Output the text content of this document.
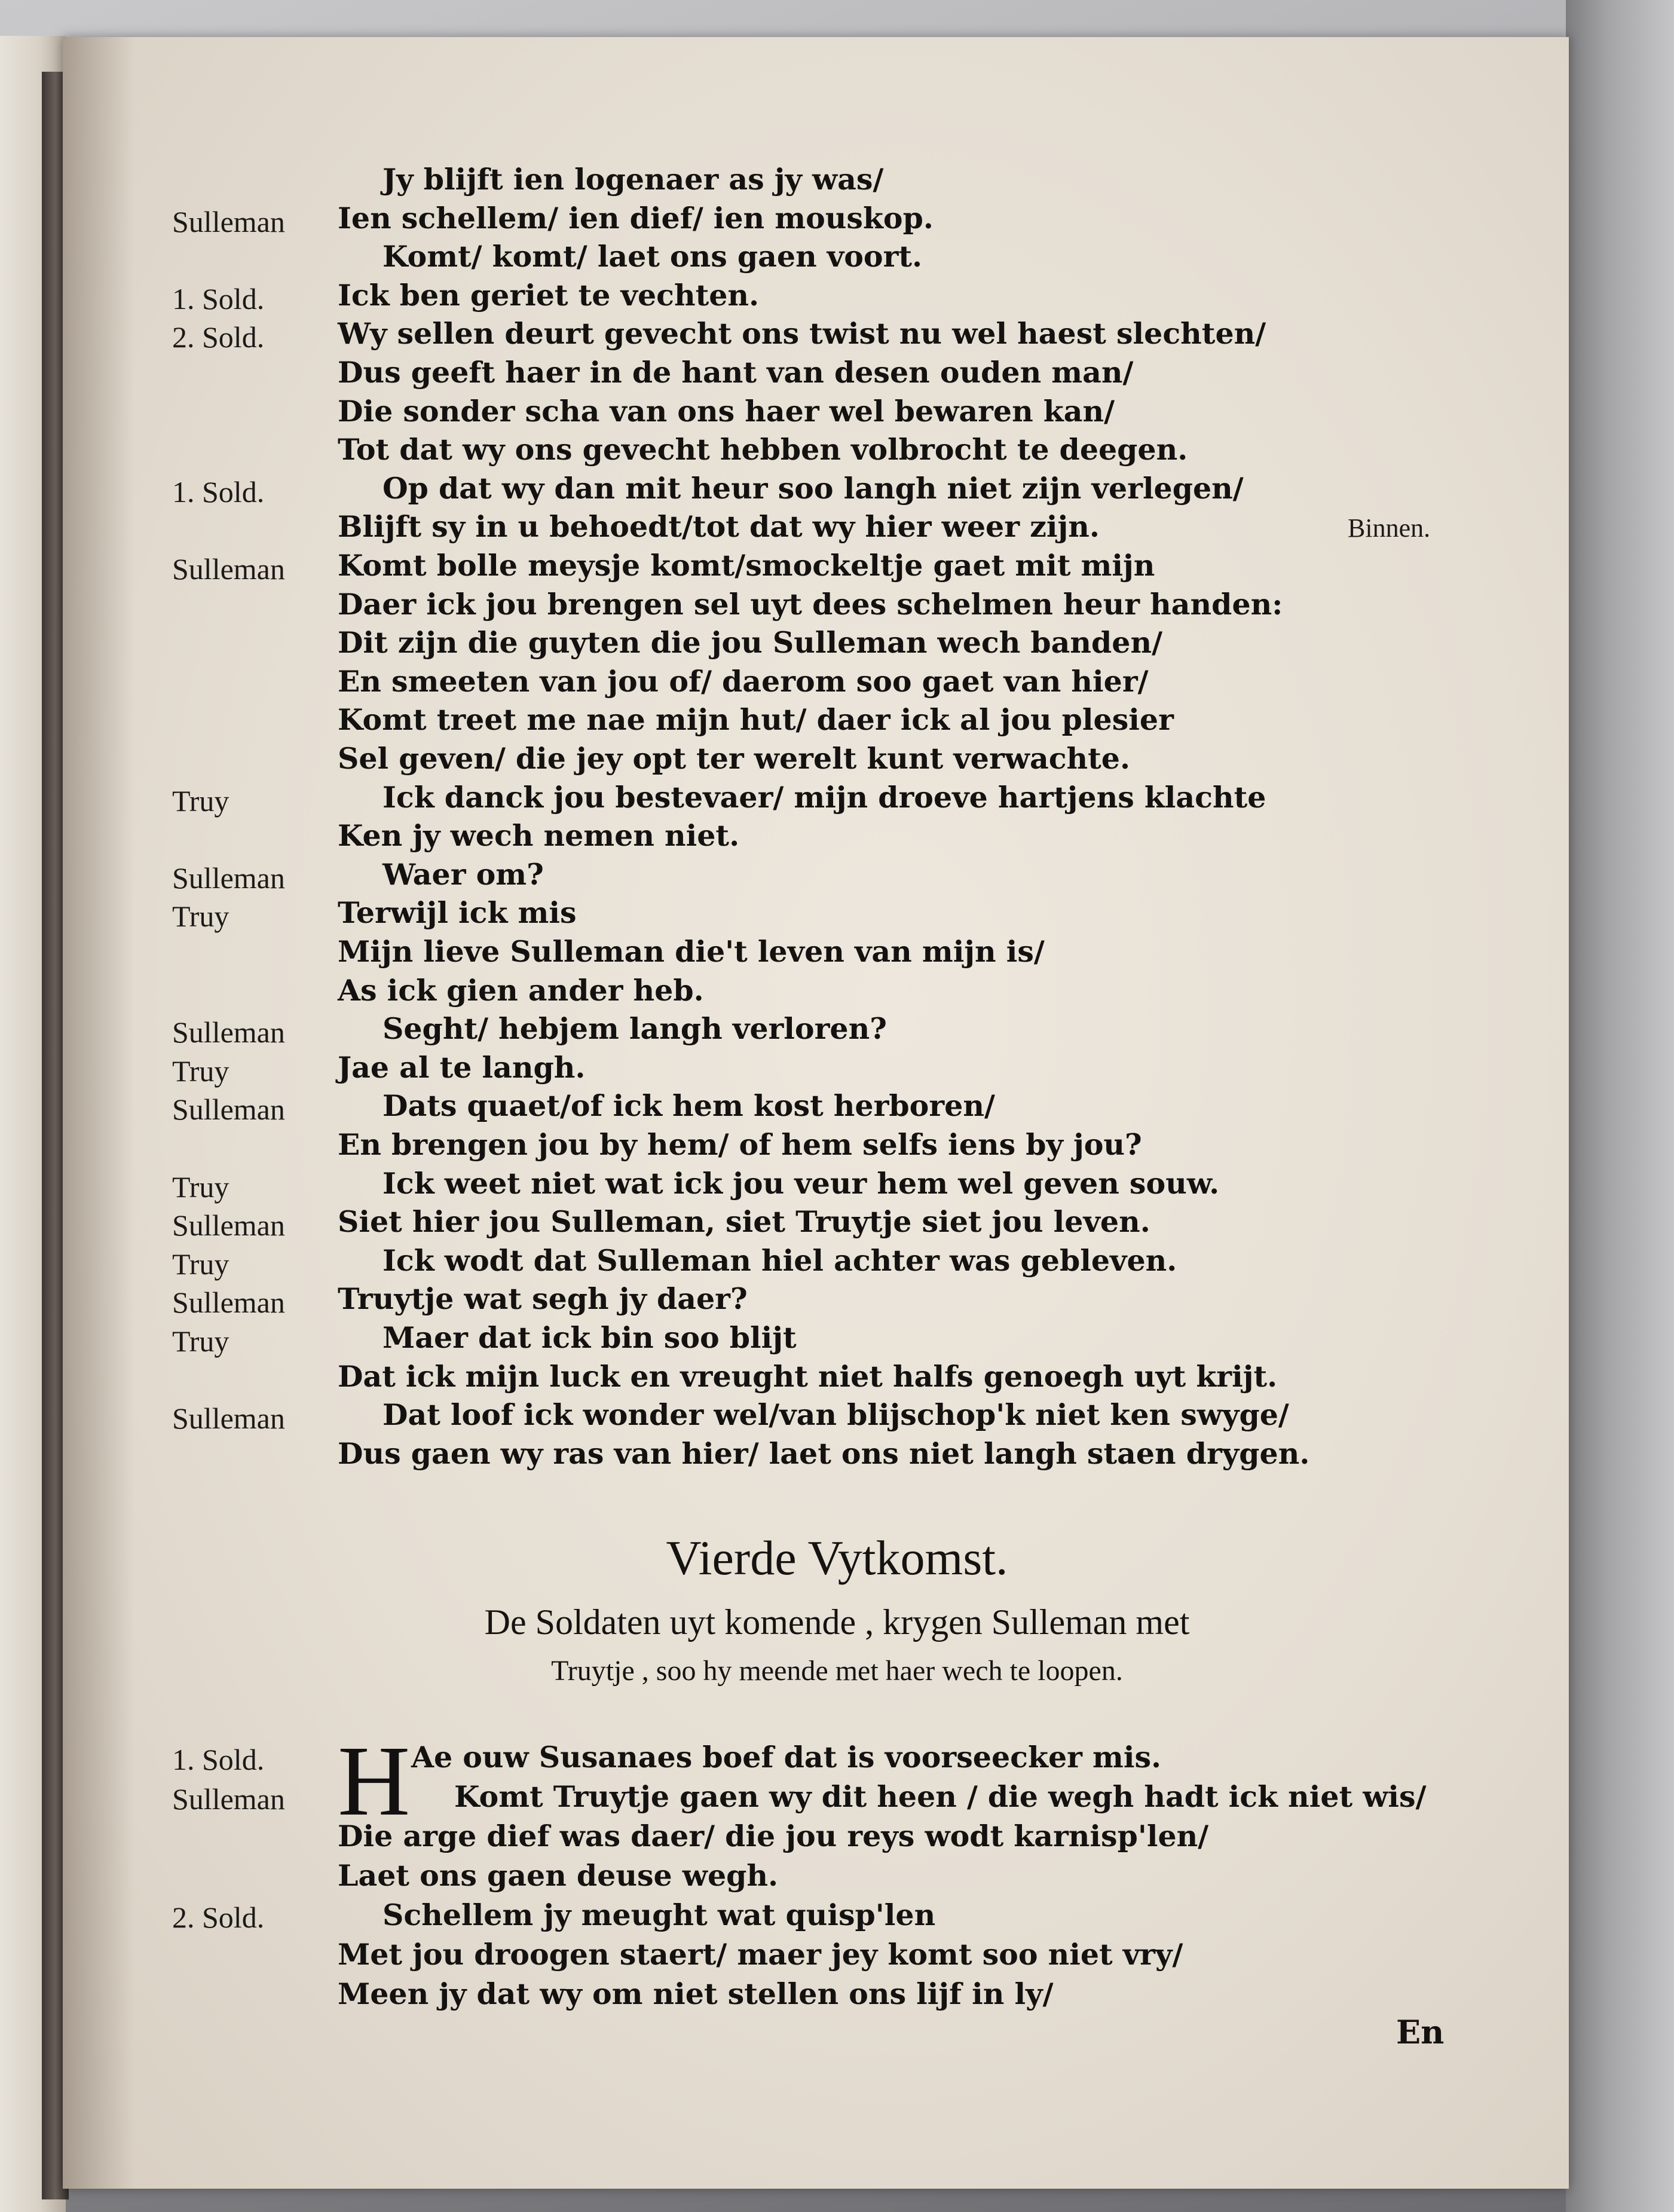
Jy blijft ien logenaer as jy was/
Sulleman Ien schellem/ ien dief/ ien mouskop.
Komt/ komt/ laet ons gaen voort.
1. Sold.	Ick ben geriet te vechten.
2. Sold.	Wy sellen deurt gevecht ons twist nu wel haest slechten/
Dus geeft haer in de hant van desen ouden man/
Die sonder scha van ons haer wel bewaren kan/
Tot dat wy ons gevecht hebben volbrocht te deegen.
1. Sold.	Op dat wy dan mit heur soo langh niet zijn verlegen/
Blijft sy in u behoedt/tot dat wy hier weer zijn.
Sulleman Komt bolle meysje komt/smockeltje gaet mit mijn
Daer ick jou brengen sel uyt dees schelmen heur handen:
Dit zijn die guyten die jou Sulleman wech banden/
En smeeten van jou of/ daerom soo gaet van hier/
Komt treet me nae mijn hut/ daer ick al jou plesier
Sel geven/ die jey opt ter werelt kunt verwachte.
Truy	Ick danck jou bestevaer/ mijn droeve hartjens klachte
Ken jy wech nemen niet.
Sulleman	Waer om?
Truy	Terwijl ick mis
Mijn lieve Sulleman die't leven van mijn is/
As ick gien ander heb.
Sulleman	Seght/ hebjem langh verloren?
Truy	Jae al te langh.
Sulleman	Dats quaet/of ick hem kost herboren/
En brengen jou by hem/ of hem selfs iens by jou?
Truy	Ick weet niet wat ick jou veur hem wel geven souw.
Sulleman Siet hier jou Sulleman, siet Truytje siet jou leven.
Truy	Ick wodt dat Sulleman hiel achter was gebleven.
Sulleman Truytje wat segh jy daer?
Truy	Maer dat ick bin soo blijt
Dat ick mijn luck en vreught niet halfs genoegh uyt krijt.
Sulleman	Dat loof ick wonder wel/van blijschop'k niet ken swyge/
Dus gaen wy ras van hier/ laet ons niet langh staen drygen.
1. Sold.	Ae ouw Susanaes boef dat is voorseecker mis.
Sulleman	Komt Truytje gaen wy dit heen / die wegh hadt ick niet wis/
Die arge dief was daer/ die jou reys wodt karnisp'len/
Laet ons gaen deuse wegh.
2. Sold.	Schellem jy meught wat quisp'len
Met jou droogen staert/ maer jey komt soo niet vry/
Meen jy dat wy om niet stellen ons lijf in ly/
Binnen.
Vierde Vytkomst.
De Soldaten uyt komende , krygen Sulleman met
Truytje , soo hy meende met haer wech te loopen.
H
En
